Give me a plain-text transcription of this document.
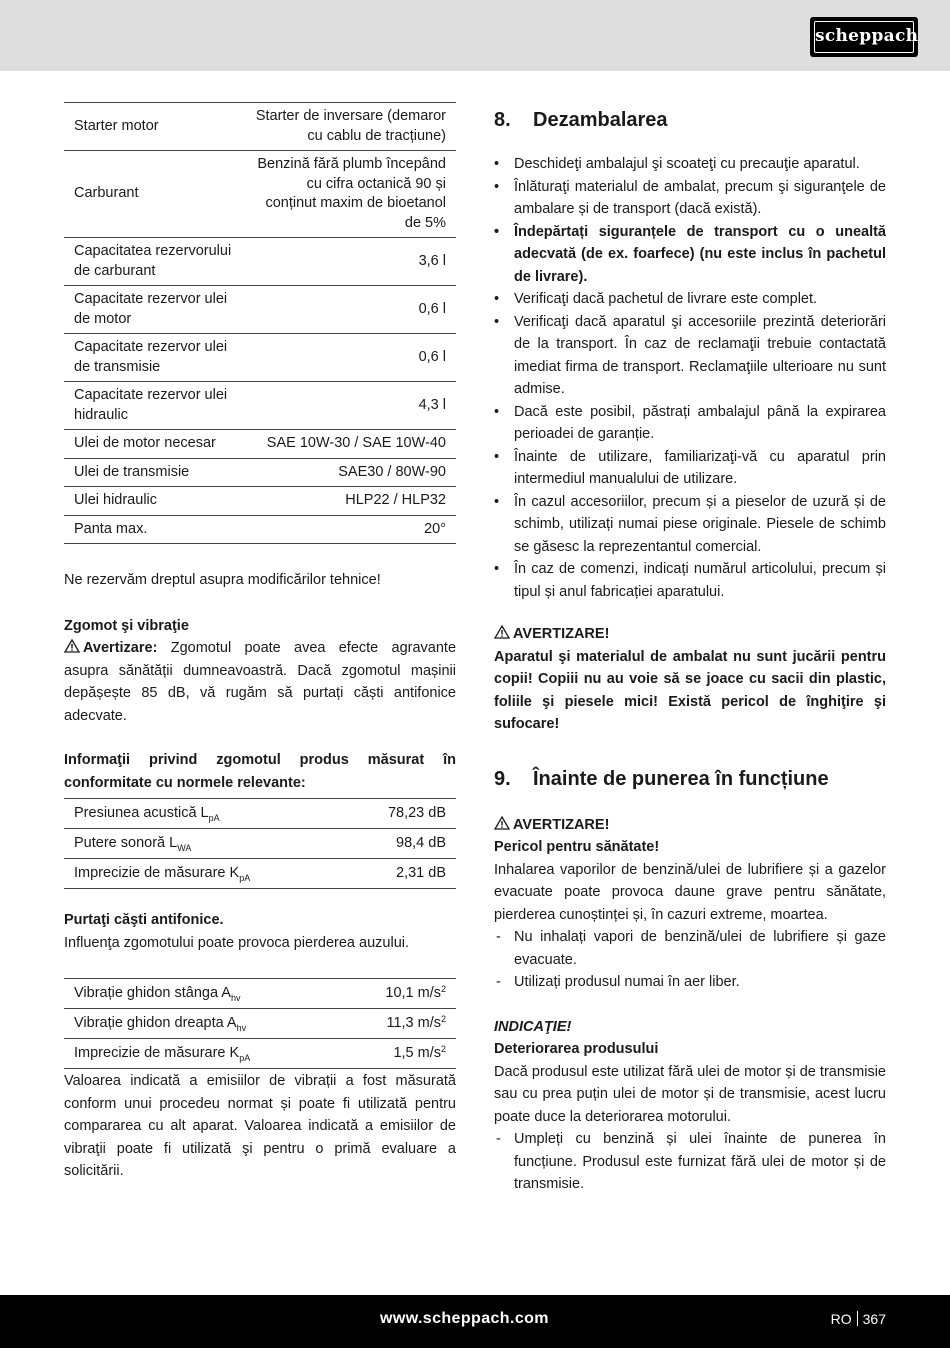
scheppach
Starter motor	Starter de inversare (demaror cu cablu de tracțiune)
Carburant	Benzină fără plumb începând cu cifra octanică 90 și conținut maxim de bioetanol de 5%
Capacitatea rezervorului de carburant	3,6 l
Capacitate rezervor ulei de motor	0,6 l
Capacitate rezervor ulei de transmisie	0,6 l
Capacitate rezervor ulei hidraulic	4,3 l
Ulei de motor necesar	SAE 10W-30 / SAE 10W-40
Ulei de transmisie	SAE30 / 80W-90
Ulei hidraulic	HLP22 / HLP32
Panta max.	20°

Ne rezervăm dreptul asupra modificărilor tehnice!

Zgomot şi vibraţie

Avertizare: Zgomotul poate avea efecte agravante asupra sănătății dumneavoastră. Dacă zgomotul mașinii depășește 85 dB, vă rugăm să purtați căști antifonice adecvate.

Informaţii privind zgomotul produs măsurat în conformitate cu normele relevante:

Presiunea acustică $L_{pA}$	78,23 dB
Putere sonoră $L_{WA}$	98,4 dB
Imprecizie de măsurare $K_{pA}$	2,31 dB

Purtaţi căşti antifonice.

Influenţa zgomotului poate provoca pierderea auzului.

Vibrație ghidon stânga $A_{hv}$	10,1 $m/s^2$
Vibrație ghidon dreapta $A_{hv}$	11,3 $m/s^2$
Imprecizie de măsurare $K_{pA}$	1,5 $m/s^2$

Valoarea indicată a emisiilor de vibrații a fost măsurată conform unui procedeu normat și poate fi utilizată pentru compararea cu alt aparat. Valoarea indicată a emisiilor de vibraţii poate fi utilizată şi pentru o primă evaluare a solicitării.

8. Dezambalarea
• Deschideţi ambalajul şi scoateţi cu precauţie aparatul.
• Înlăturaţi materialul de ambalat, precum şi siguranţele de ambalare și de transport (dacă există).
• Îndepărtați siguranțele de transport cu o unealtă adecvată (de ex. foarfece) (nu este inclus în pachetul de livrare).
• Verificaţi dacă pachetul de livrare este complet.
• Verificaţi dacă aparatul şi accesoriile prezintă deteriorări de la transport. În caz de reclamaţii trebuie contactată imediat firma de transport. Reclamaţiile ulterioare nu sunt admise.
• Dacă este posibil, păstrați ambalajul până la expirarea perioadei de garanție.
• Înainte de utilizare, familiarizaţi-vă cu aparatul prin intermediul manualului de utilizare.
• În cazul accesoriilor, precum și a pieselor de uzură și de schimb, utilizați numai piese originale. Piesele de schimb se găsesc la reprezentantul comercial.
• În caz de comenzi, indicați numărul articolului, precum și tipul și anul fabricației aparatului.

AVERTIZARE!

Aparatul şi materialul de ambalat nu sunt jucării pentru copii! Copiii nu au voie să se joace cu sacii din plastic, foliile şi piesele mici! Există pericol de înghiţire şi sufocare!

9. Înainte de punerea în funcțiune

AVERTIZARE!

Pericol pentru sănătate!

Inhalarea vaporilor de benzină/ulei de lubrifiere și a gazelor evacuate poate provoca daune grave pentru sănătate, pierderea cunoștinței și, în cazuri extreme, moartea.

- Nu inhalați vapori de benzină/ulei de lubrifiere și gaze evacuate.
- Utilizați produsul numai în aer liber.

INDICAŢIE!

Deteriorarea produsului

Dacă produsul este utilizat fără ulei de motor și de transmisie sau cu prea puțin ulei de motor și de transmisie, acest lucru poate duce la deteriorarea motorului.

- Umpleți cu benzină și ulei înainte de punerea în funcțiune. Produsul este furnizat fără ulei de motor și de transmisie.
www.scheppach.com	RO 367
